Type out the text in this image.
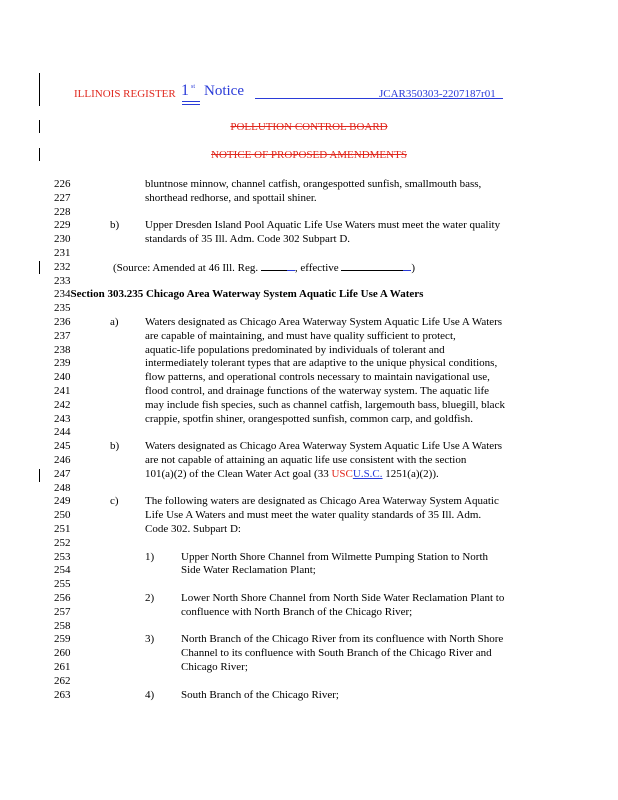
ILLINOIS REGISTER 1 st Notice	JCAR350303-2207187r01
POLLUTION CONTROL BOARD
NOTICE OF PROPOSED AMENDMENTS
226	bluntnose minnow, channel catfish, orangespotted sunfish, smallmouth bass,
227	shorthead redhorse, and spottail shiner.
228
229	b) Upper Dresden Island Pool Aquatic Life Use Waters must meet the water quality
230	standards of 35 Ill. Adm. Code 302 Subpart D.
231
232	(Source: Amended at 46 Ill. Reg.	, effective	)
233
234Section 303.235 Chicago Area Waterway System Aquatic Life Use A Waters
235
236	a) Waters designated as Chicago Area Waterway System Aquatic Life Use A Waters
237	are capable of maintaining, and must have quality sufficient to protect,
238	aquatic-life populations predominated by individuals of tolerant and
239	intermediately tolerant types that are adaptive to the unique physical conditions,
240	flow patterns, and operational controls necessary to maintain navigational use,
241	flood control, and drainage functions of the waterway system. The aquatic life
242	may include fish species, such as channel catfish, largemouth bass, bluegill, black
243	crappie, spotfin shiner, orangespotted sunfish, common carp, and goldfish.
244
245	b) Waters designated as Chicago Area Waterway System Aquatic Life Use A Waters
246	are not capable of attaining an aquatic life use consistent with the section
247	101(a)(2) of the Clean Water Act goal (33 USCU.S.C. 1251(a)(2)).
248
249	c) The following waters are designated as Chicago Area Waterway System Aquatic
250	Life Use A Waters and must meet the water quality standards of 35 Ill. Adm.
251	Code 302. Subpart D:
252
253	1) Upper North Shore Channel from Wilmette Pumping Station to North
254	Side Water Reclamation Plant;
255
256	2) Lower North Shore Channel from North Side Water Reclamation Plant to
257	confluence with North Branch of the Chicago River;
258
259	3) North Branch of the Chicago River from its confluence with North Shore
260	Channel to its confluence with South Branch of the Chicago River and
261	Chicago River;
262
263	4) South Branch of the Chicago River;
